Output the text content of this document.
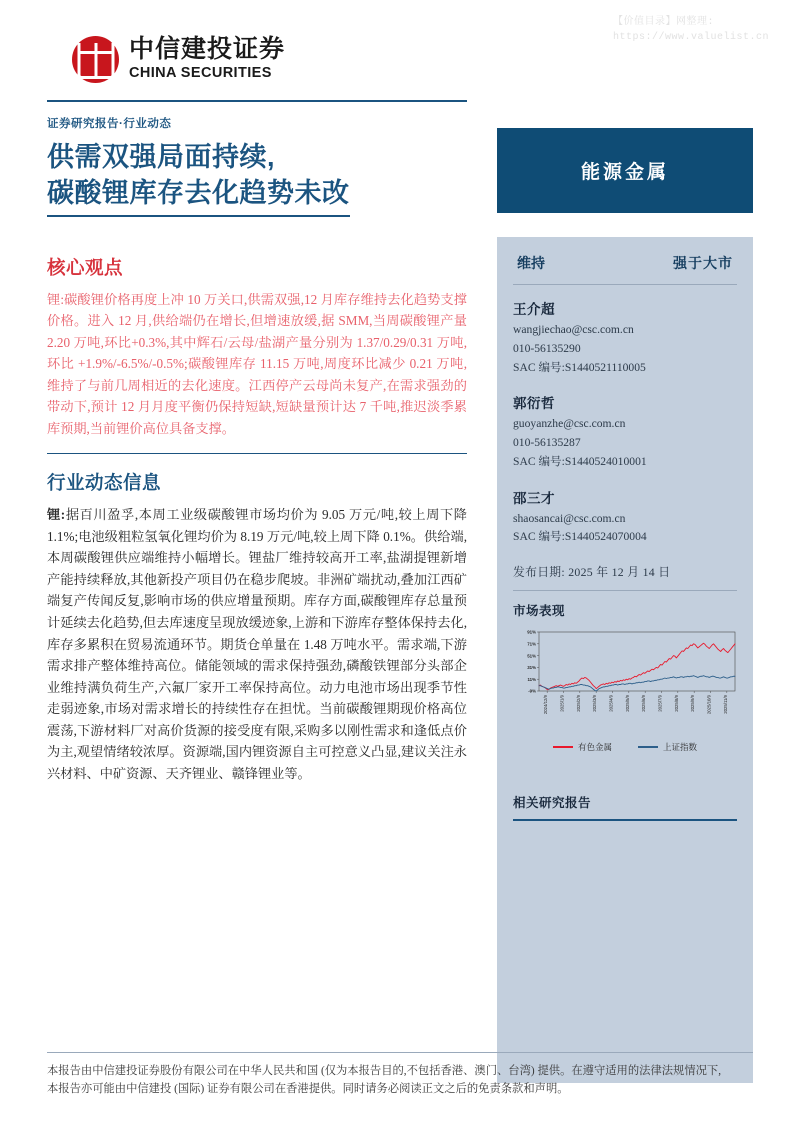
【价值目录】网整理:
https://www.valuelist.cn
中信建投证券
CHINA SECURITIES
证券研究报告·行业动态
供需双强局面持续,
碳酸锂库存去化趋势未改
核心观点
锂:碳酸锂价格再度上冲 10 万关口,供需双强,12 月库存维持去化趋势支撑价格。进入 12 月,供给端仍在增长,但增速放缓,据 SMM,当周碳酸锂产量 2.20 万吨,环比+0.3%,其中辉石/云母/盐湖产量分别为 1.37/0.29/0.31 万吨,环比 +1.9%/-6.5%/-0.5%;碳酸锂库存 11.15 万吨,周度环比减少 0.21 万吨,维持了与前几周相近的去化速度。江西停产云母尚未复产,在需求强劲的带动下,预计 12 月月度平衡仍保持短缺,短缺量预计达 7 千吨,推迟淡季累库预期,当前锂价高位具备支撑。
行业动态信息
锂:据百川盈孚,本周工业级碳酸锂市场均价为 9.05 万元/吨,较上周下降 1.1%;电池级粗粒氢氧化锂均价为 8.19 万元/吨,较上周下降 0.1%。供给端,本周碳酸锂供应端维持小幅增长。锂盐厂维持较高开工率,盐湖提锂新增产能持续释放,其他新投产项目仍在稳步爬坡。非洲矿端扰动,叠加江西矿端复产传闻反复,影响市场的供应增量预期。库存方面,碳酸锂库存总量预计延续去化趋势,但去库速度呈现放缓迹象,上游和下游库存整体保持去化,库存多累积在贸易流通环节。期货仓单量在 1.48 万吨水平。需求端,下游需求排产整体维持高位。储能领域的需求保持强劲,磷酸铁锂部分头部企业维持满负荷生产,六氟厂家开工率保持高位。动力电池市场出现季节性走弱迹象,市场对需求增长的持续性存在担忧。当前碳酸锂期现价格高位震荡,下游材料厂对高价货源的接受度有限,采购多以刚性需求和逢低点价为主,观望情绪较浓厚。资源端,国内锂资源自主可控意义凸显,建议关注永兴材料、中矿资源、天齐锂业、赣锋锂业等。
能源金属
维持	强于大市
王介超
wangjiechao@csc.com.cn
010-56135290
SAC 编号:S1440521110005
郭衍哲
guoyanzhe@csc.com.cn
010-56135287
SAC 编号:S1440524010001
邵三才
shaosancai@csc.com.cn
SAC 编号:S1440524070004
发布日期: 2025 年 12 月 14 日
市场表现
-9%
11%
31%
51%
71%
91%
2024/12/9	2025/1/9	2025/2/9	2025/3/9	2025/4/9	2025/5/9	2025/6/9	2025/7/9	2025/8/9	2025/9/9	2025/10/9	2025/11/9
有色金属	上证指数
相关研究报告
本报告由中信建投证券股份有限公司在中华人民共和国 (仅为本报告目的,不包括香港、澳门、台湾) 提供。在遵守适用的法律法规情况下,
本报告亦可能由中信建投 (国际) 证券有限公司在香港提供。同时请务必阅读正文之后的免责条款和声明。
